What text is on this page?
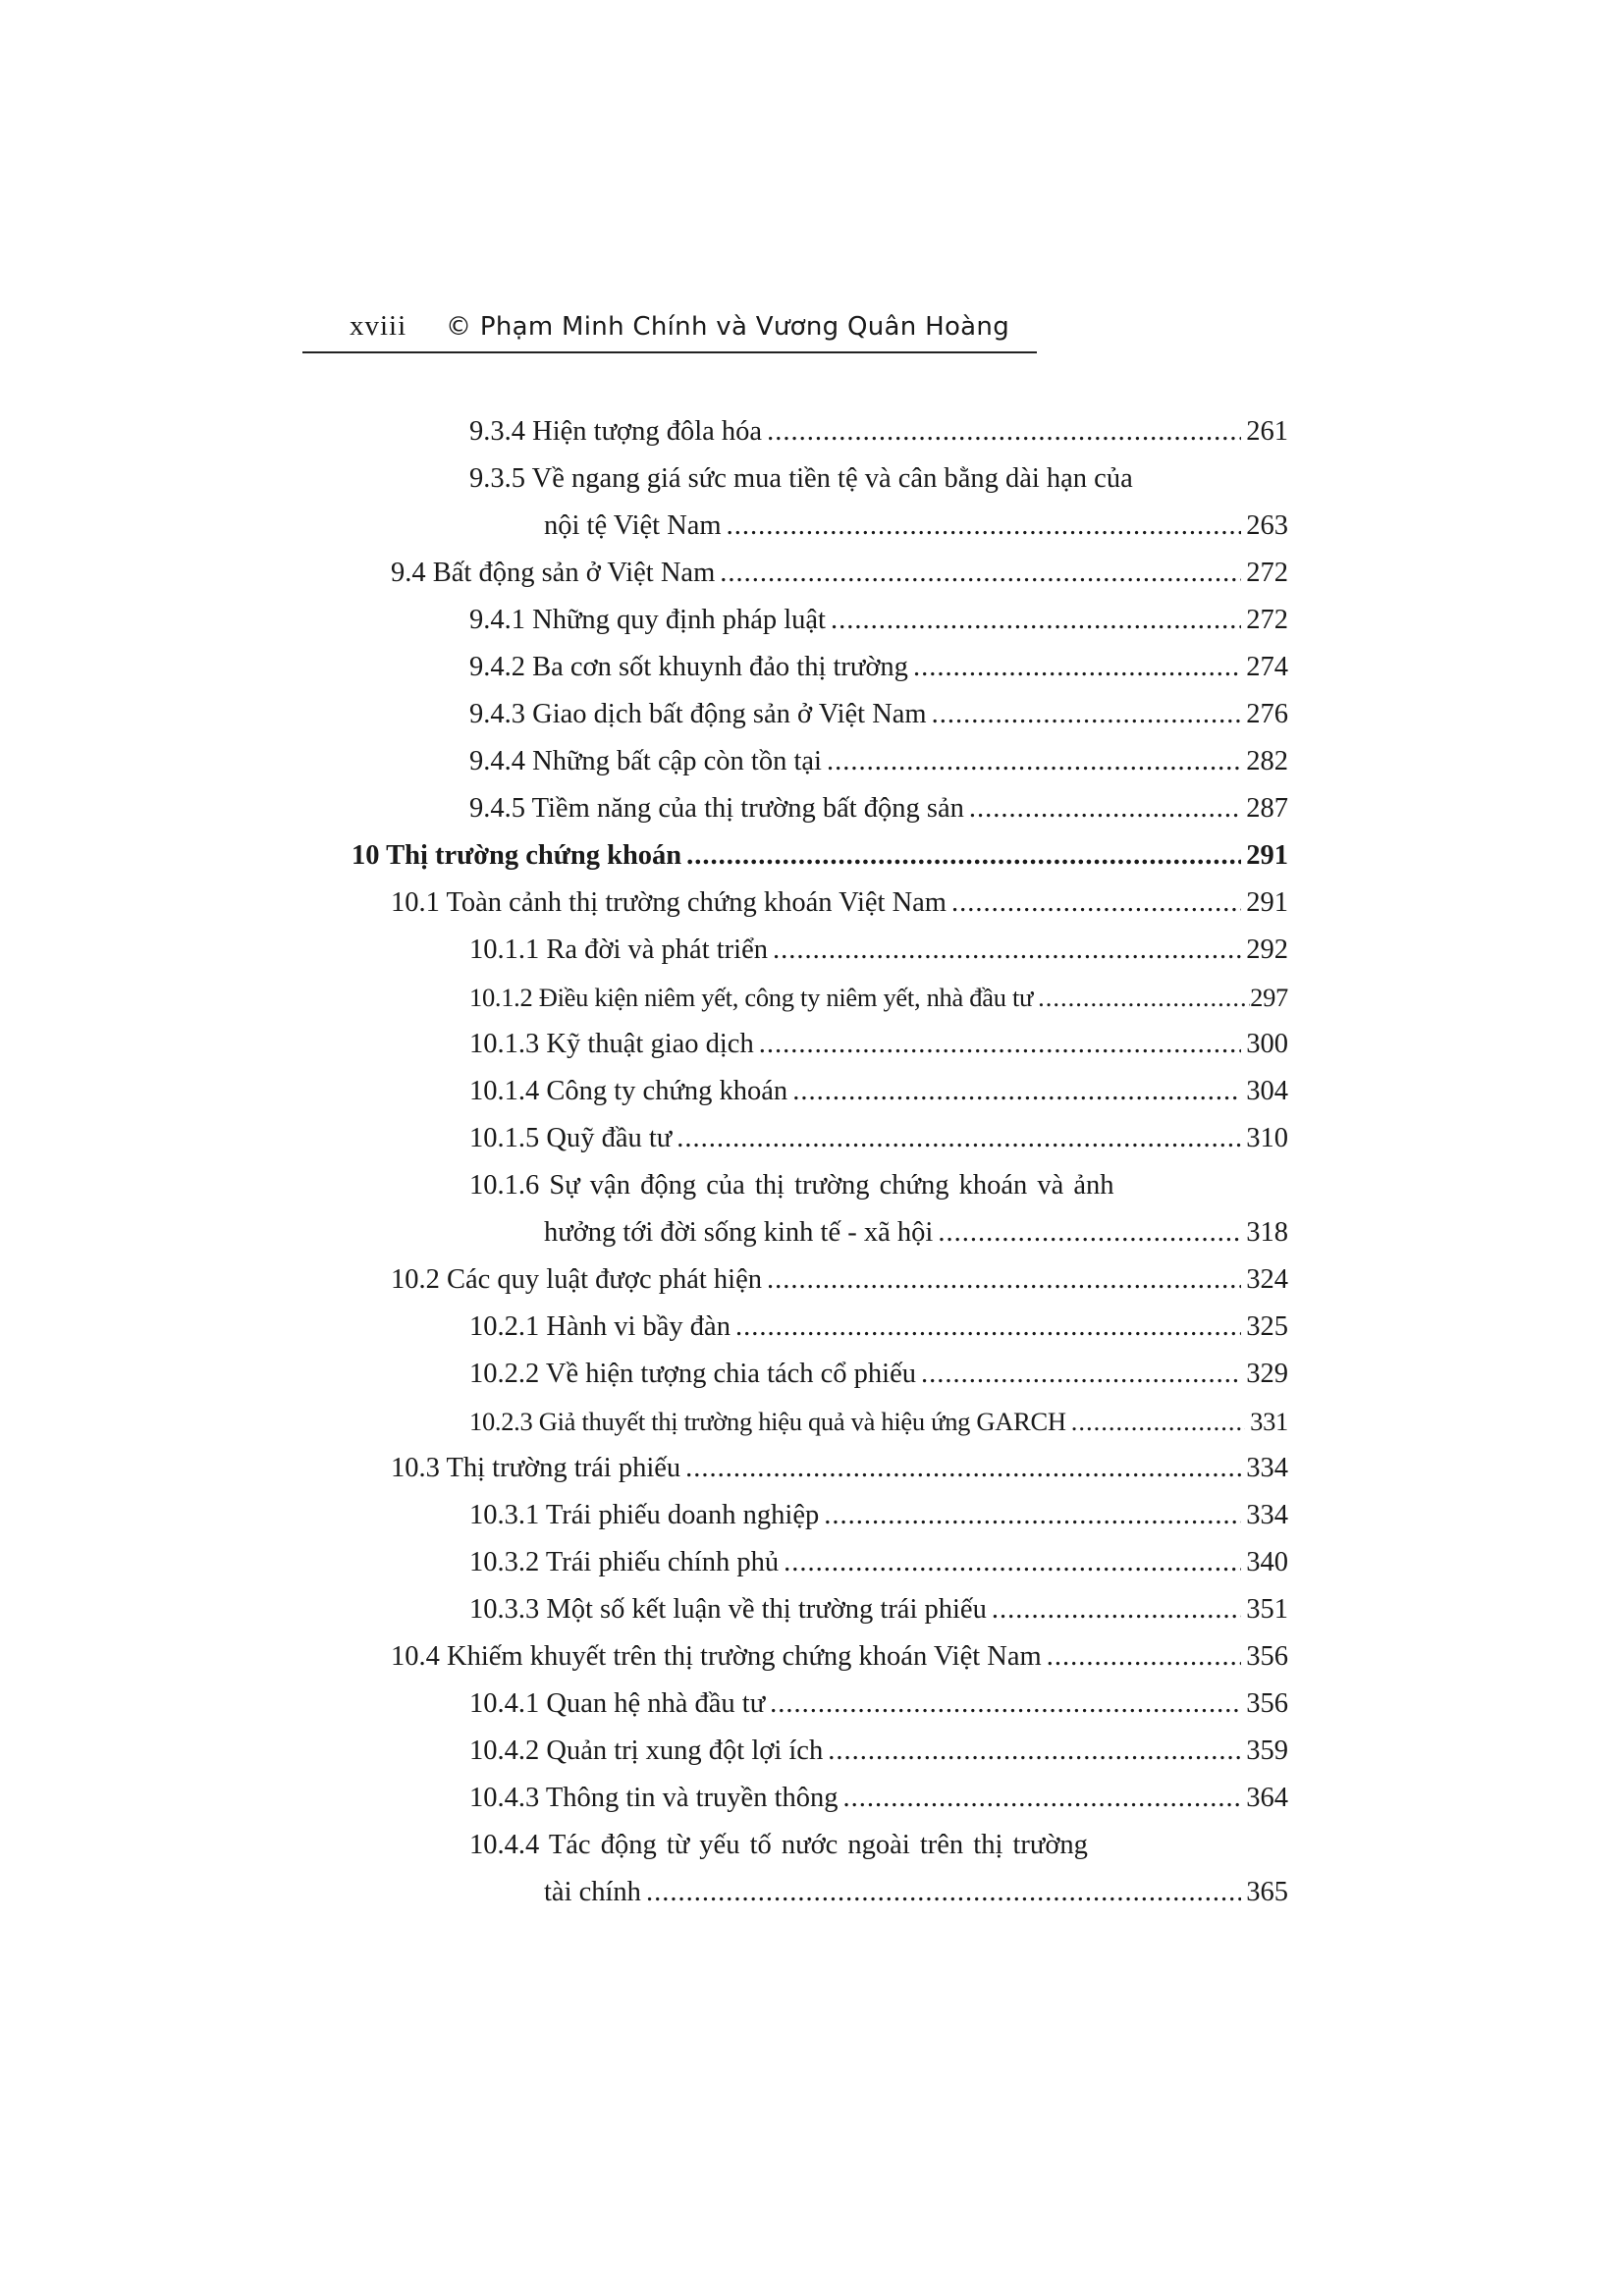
xviii © Phạm Minh Chính và Vương Quân Hoàng
9.3.4 Hiện tượng đôla hóa .....	261
9.3.5 Về ngang giá sức mua tiền tệ và cân bằng dài hạn của
nội tệ Việt Nam .....	263
9.4 Bất động sản ở Việt Nam .....	272
9.4.1 Những quy định pháp luật .....	272
9.4.2 Ba cơn sốt khuynh đảo thị trường .....	274
9.4.3 Giao dịch bất động sản ở Việt Nam .....	276
9.4.4 Những bất cập còn tồn tại .....	282
9.4.5 Tiềm năng của thị trường bất động sản .....	287
10 Thị trường chứng khoán .....	291
10.1 Toàn cảnh thị trường chứng khoán Việt Nam .....	291
10.1.1 Ra đời và phát triển .....	292
10.1.2 Điều kiện niêm yết, công ty niêm yết, nhà đầu tư .....	297
10.1.3 Kỹ thuật giao dịch .....	300
10.1.4 Công ty chứng khoán .....	304
10.1.5 Quỹ đầu tư .....	310
10.1.6 Sự vận động của thị trường chứng khoán và ảnh
hưởng tới đời sống kinh tế - xã hội .....	318
10.2 Các quy luật được phát hiện .....	324
10.2.1 Hành vi bầy đàn .....	325
10.2.2 Về hiện tượng chia tách cổ phiếu .....	329
10.2.3 Giả thuyết thị trường hiệu quả và hiệu ứng GARCH .....	331
10.3 Thị trường trái phiếu .....	334
10.3.1 Trái phiếu doanh nghiệp .....	334
10.3.2 Trái phiếu chính phủ .....	340
10.3.3 Một số kết luận về thị trường trái phiếu .....	351
10.4 Khiếm khuyết trên thị trường chứng khoán Việt Nam .....	356
10.4.1 Quan hệ nhà đầu tư .....	356
10.4.2 Quản trị xung đột lợi ích .....	359
10.4.3 Thông tin và truyền thông .....	364
10.4.4 Tác động từ yếu tố nước ngoài trên thị trường
tài chính .....	365
